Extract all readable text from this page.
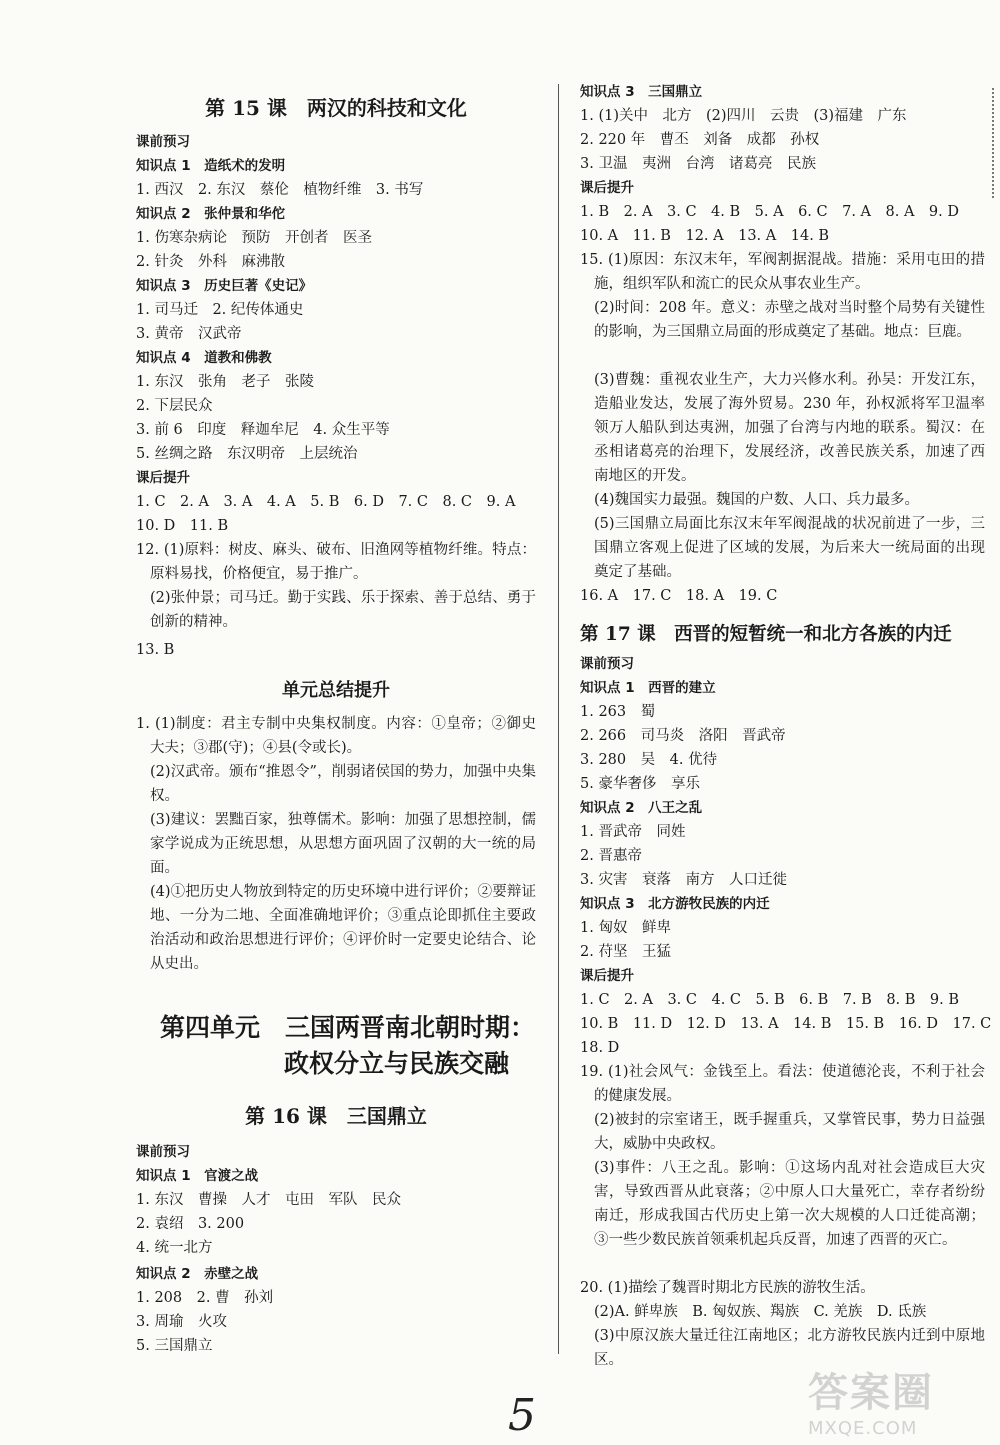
第 15 课　两汉的科技和文化
课前预习
知识点 1　造纸术的发明
1. 西汉　2. 东汉　蔡伦　植物纤维　3. 书写
知识点 2　张仲景和华佗
1. 伤寒杂病论　预防　开创者　医圣
2. 针灸　外科　麻沸散
知识点 3　历史巨著《史记》
1. 司马迁　2. 纪传体通史
3. 黄帝　汉武帝
知识点 4　道教和佛教
1. 东汉　张角　老子　张陵
2. 下层民众
3. 前 6　印度　释迦牟尼　4. 众生平等
5. 丝绸之路　东汉明帝　上层统治
课后提升
1. C　2. A　3. A　4. A　5. B　6. D　7. C　8. C　9. A
10. D　11. B
12. (1)原料：树皮、麻头、破布、旧渔网等植物纤维。特点：原料易找，价格便宜，易于推广。
(2)张仲景；司马迁。勤于实践、乐于探索、善于总结、勇于创新的精神。
13. B
单元总结提升
1. (1)制度：君主专制中央集权制度。内容：①皇帝；②御史大夫；③郡(守)；④县(令或长)。
(2)汉武帝。颁布“推恩令”，削弱诸侯国的势力，加强中央集权。
(3)建议：罢黜百家，独尊儒术。影响：加强了思想控制，儒家学说成为正统思想，从思想方面巩固了汉朝的大一统的局面。
(4)①把历史人物放到特定的历史环境中进行评价；②要辩证地、一分为二地、全面准确地评价；③重点论即抓住主要政治活动和政治思想进行评价；④评价时一定要史论结合、论从史出。
第四单元　三国两晋南北朝时期：
政权分立与民族交融
第 16 课　三国鼎立
课前预习
知识点 1　官渡之战
1. 东汉　曹操　人才　屯田　军队　民众
2. 袁绍　3. 200
4. 统一北方
知识点 2　赤壁之战
1. 208　2. 曹　孙刘
3. 周瑜　火攻
5. 三国鼎立
知识点 3　三国鼎立
1. (1)关中　北方　(2)四川　云贵　(3)福建　广东
2. 220 年　曹丕　刘备　成都　孙权
3. 卫温　夷洲　台湾　诸葛亮　民族
课后提升
1. B　2. A　3. C　4. B　5. A　6. C　7. A　8. A　9. D
10. A　11. B　12. A　13. A　14. B
15. (1)原因：东汉末年，军阀割据混战。措施：采用屯田的措施，组织军队和流亡的民众从事农业生产。
(2)时间：208 年。意义：赤壁之战对当时整个局势有关键性的影响，为三国鼎立局面的形成奠定了基础。地点：巨鹿。
(3)曹魏：重视农业生产，大力兴修水利。孙吴：开发江东，造船业发达，发展了海外贸易。230 年，孙权派将军卫温率领万人船队到达夷洲，加强了台湾与内地的联系。蜀汉：在丞相诸葛亮的治理下，发展经济，改善民族关系，加速了西南地区的开发。
(4)魏国实力最强。魏国的户数、人口、兵力最多。
(5)三国鼎立局面比东汉末年军阀混战的状况前进了一步，三国鼎立客观上促进了区域的发展，为后来大一统局面的出现奠定了基础。
16. A　17. C　18. A　19. C
第 17 课　西晋的短暂统一和北方各族的内迁
课前预习
知识点 1　西晋的建立
1. 263　蜀
2. 266　司马炎　洛阳　晋武帝
3. 280　吴　4. 优待
5. 豪华奢侈　享乐
知识点 2　八王之乱
1. 晋武帝　同姓
2. 晋惠帝
3. 灾害　衰落　南方　人口迁徙
知识点 3　北方游牧民族的内迁
1. 匈奴　鲜卑
2. 苻坚　王猛
课后提升
1. C　2. A　3. C　4. C　5. B　6. B　7. B　8. B　9. B
10. B　11. D　12. D　13. A　14. B　15. B　16. D　17. C
18. D
19. (1)社会风气：金钱至上。看法：使道德沦丧，不利于社会的健康发展。
(2)被封的宗室诸王，既手握重兵，又掌管民事，势力日益强大，威胁中央政权。
(3)事件：八王之乱。影响：①这场内乱对社会造成巨大灾害，导致西晋从此衰落；②中原人口大量死亡，幸存者纷纷南迁，形成我国古代历史上第一次大规模的人口迁徙高潮；③一些少数民族首领乘机起兵反晋，加速了西晋的灭亡。
20. (1)描绘了魏晋时期北方民族的游牧生活。
(2)A. 鲜卑族　B. 匈奴族、羯族　C. 羌族　D. 氐族
(3)中原汉族大量迁往江南地区；北方游牧民族内迁到中原地区。
5	答案圈
MXQE.COM
